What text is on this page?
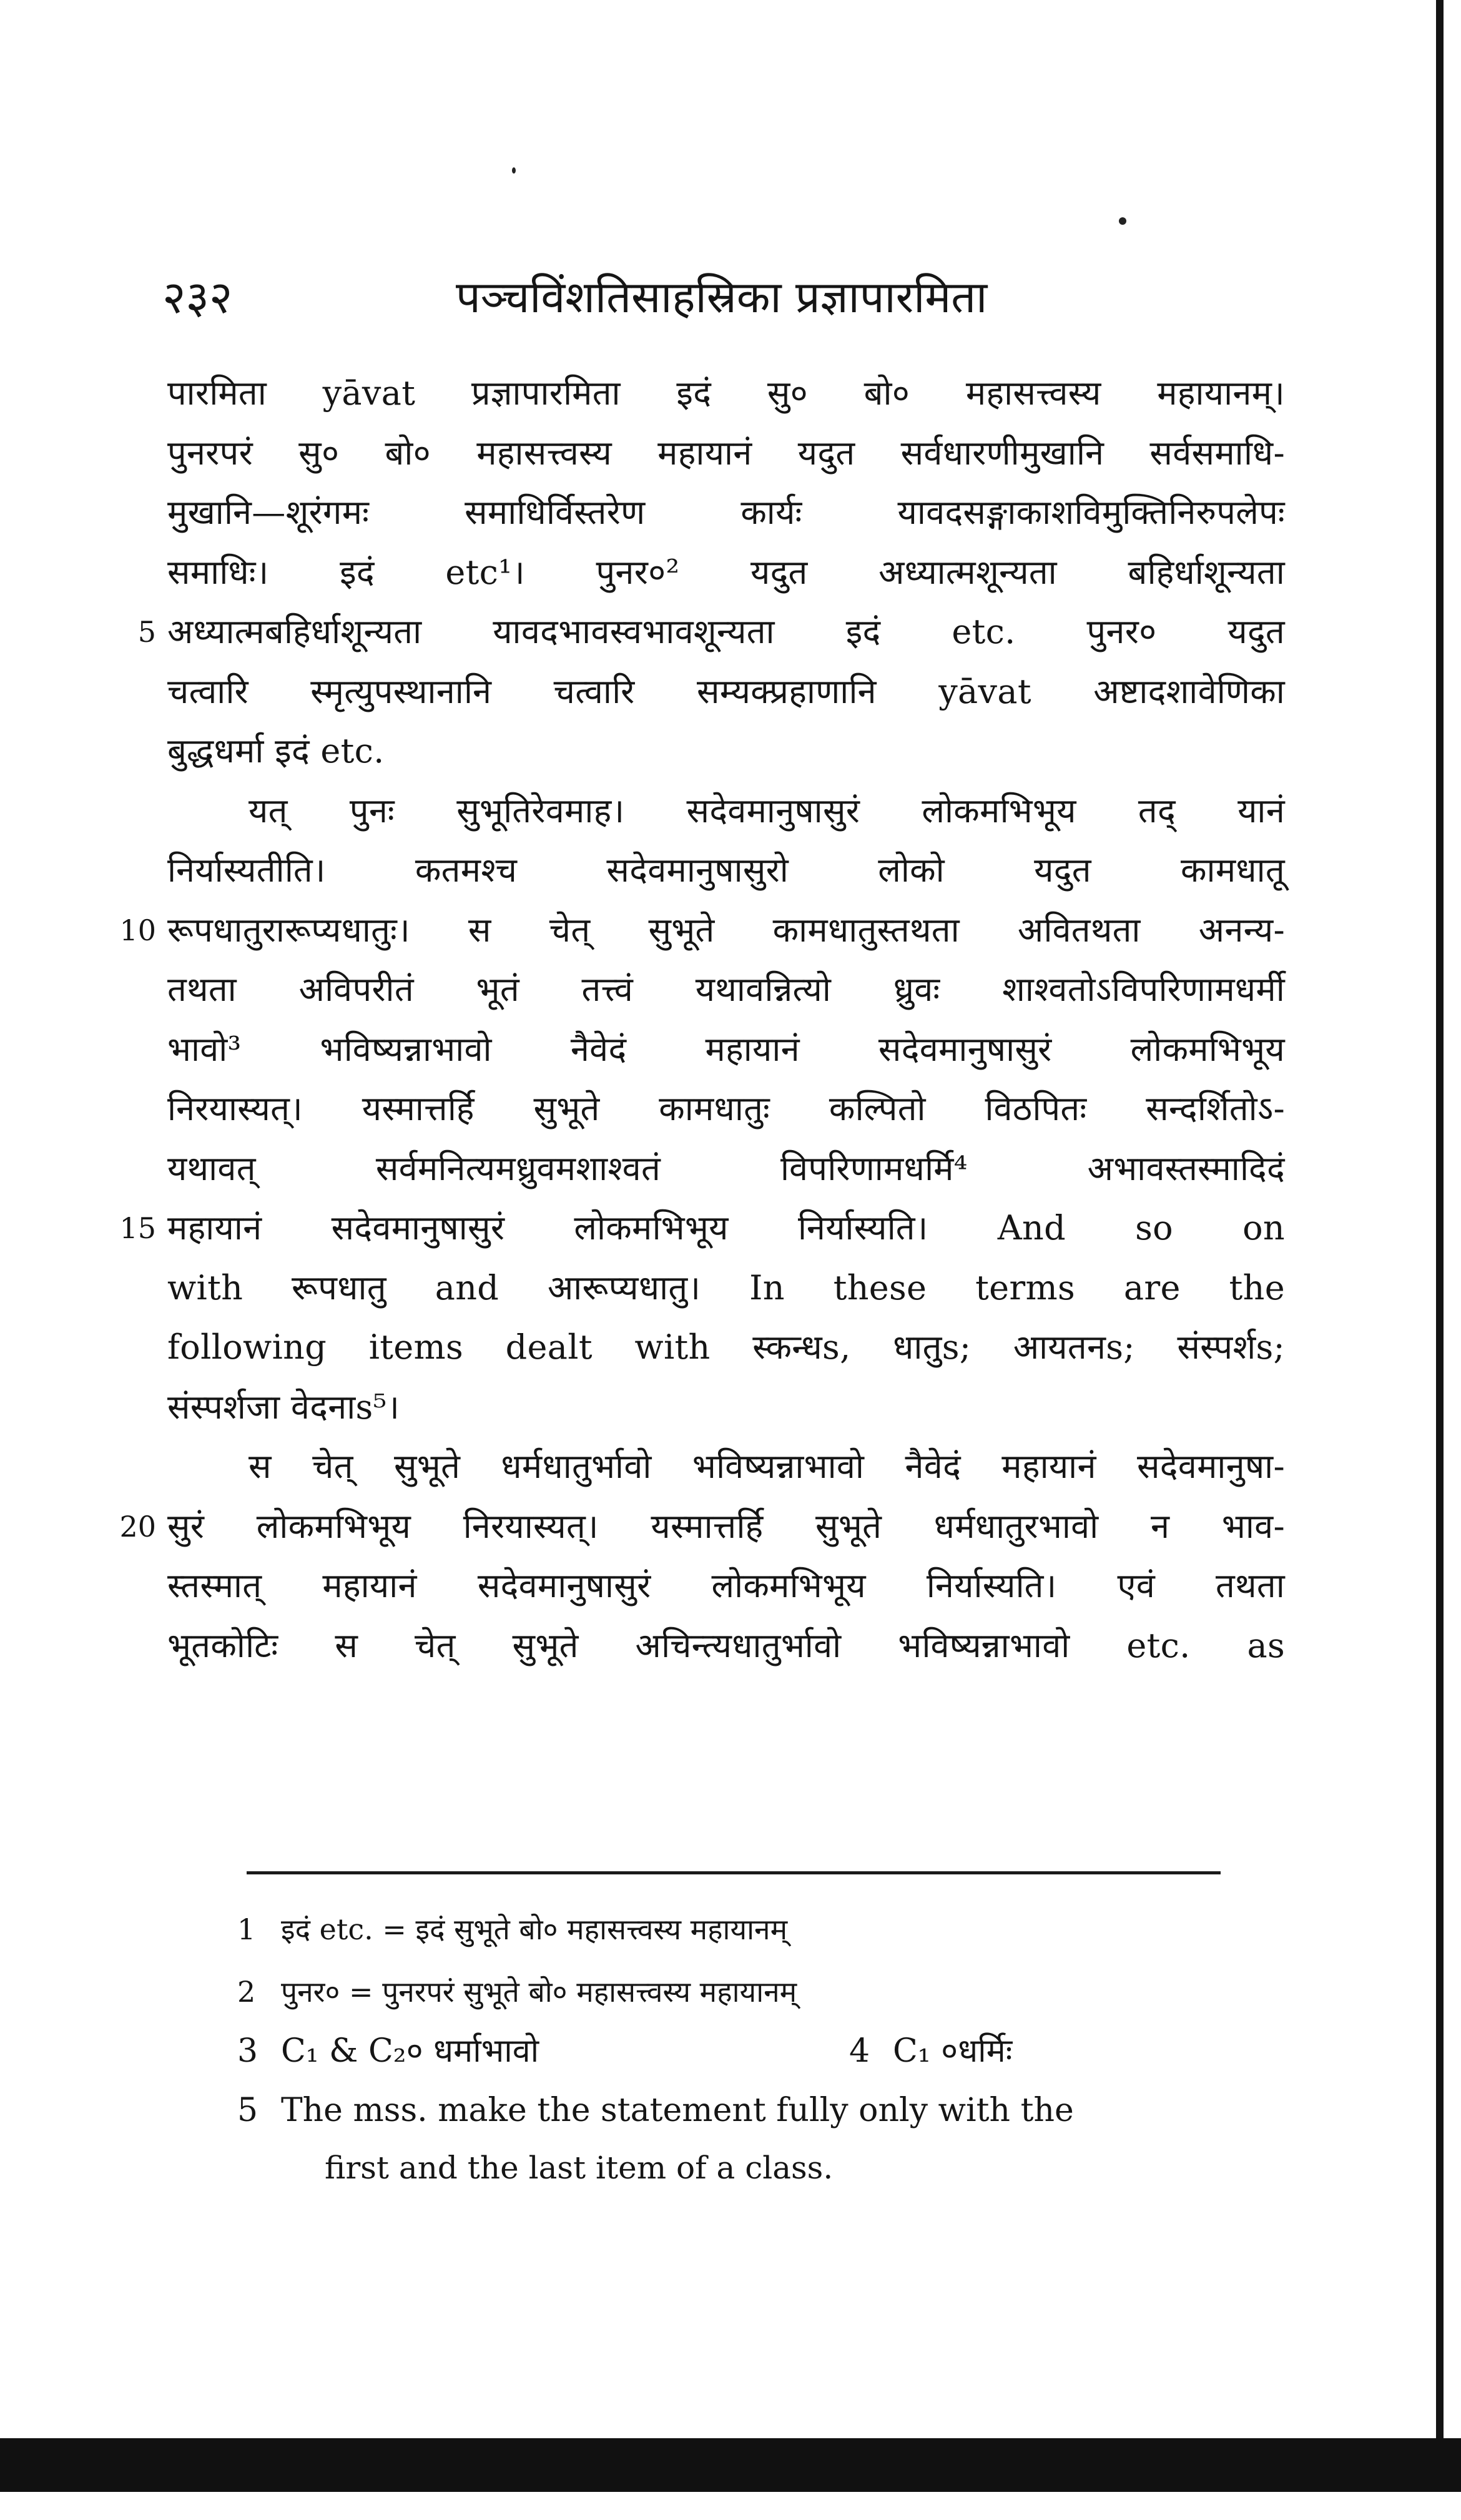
२३२	पञ्चविंशतिसाहस्रिका प्रज्ञापारमिता
पारमिता yāvat प्रज्ञापारमिता इदं सु० बो० महासत्त्वस्य महायानम्।
पुनरपरं सु० बो० महासत्त्वस्य महायानं यदुत सर्वधारणीमुखानि सर्वसमाधि-
मुखानि—शूरंगमः समाधिर्विस्तरेण कार्यः यावदसङ्गाकाशविमुक्तिनिरुपलेपः
समाधिः। इदं etc¹। पुनर०² यदुत अध्यात्मशून्यता बहिर्धाशून्यता
अध्यात्मबहिर्धाशून्यता यावदभावस्वभावशून्यता इदं etc. पुनर० यदुत
5
चत्वारि स्मृत्युपस्थानानि चत्वारि सम्यक्प्रहाणानि yāvat अष्टादशावेणिका
बुद्धधर्मा इदं etc.
यत् पुनः सुभूतिरेवमाह। सदेवमानुषासुरं लोकमभिभूय तद् यानं
निर्यास्यतीति। कतमश्च सदेवमानुषासुरो लोको यदुत कामधातू
रूपधातुरारूप्यधातुः। स चेत् सुभूते कामधातुस्तथता अवितथता अनन्य-
10
तथता अविपरीतं भूतं तत्त्वं यथावन्नित्यो ध्रुवः शाश्वतोऽविपरिणामधर्मी
भावो³ भविष्यन्नाभावो नैवेदं महायानं सदेवमानुषासुरं लोकमभिभूय
निरयास्यत्। यस्मात्तर्हि सुभूते कामधातुः कल्पितो विठपितः सन्दर्शितोऽ-
यथावत् सर्वमनित्यमध्रुवमशाश्वतं विपरिणामधर्मि⁴ अभावस्तस्मादिदं
महायानं सदेवमानुषासुरं लोकमभिभूय निर्यास्यति। And so on
15
with रूपधातु and आरूप्यधातु। In these terms are the
following items dealt with स्कन्धs, धातुs; आयतनs; संस्पर्शs;
संस्पर्शजा वेदनाs⁵।
स चेत् सुभूते धर्मधातुर्भावो भविष्यन्नाभावो नैवेदं महायानं सदेवमानुषा-
सुरं लोकमभिभूय निरयास्यत्। यस्मात्तर्हि सुभूते धर्मधातुरभावो न भाव-
20
स्तस्मात् महायानं सदेवमानुषासुरं लोकमभिभूय निर्यास्यति। एवं तथता
भूतकोटिः स चेत् सुभूते अचिन्त्यधातुर्भावो भविष्यन्नाभावो etc. as
1 इदं etc. = इदं सुभूते बो० महासत्त्वस्य महायानम्
2 पुनर० = पुनरपरं सुभूते बो० महासत्त्वस्य महायानम्
3 C₁ & C₂० धर्माभावो	4 C₁ ०धर्मिः
5 The mss. make the statement fully only with the
first and the last item of a class.
